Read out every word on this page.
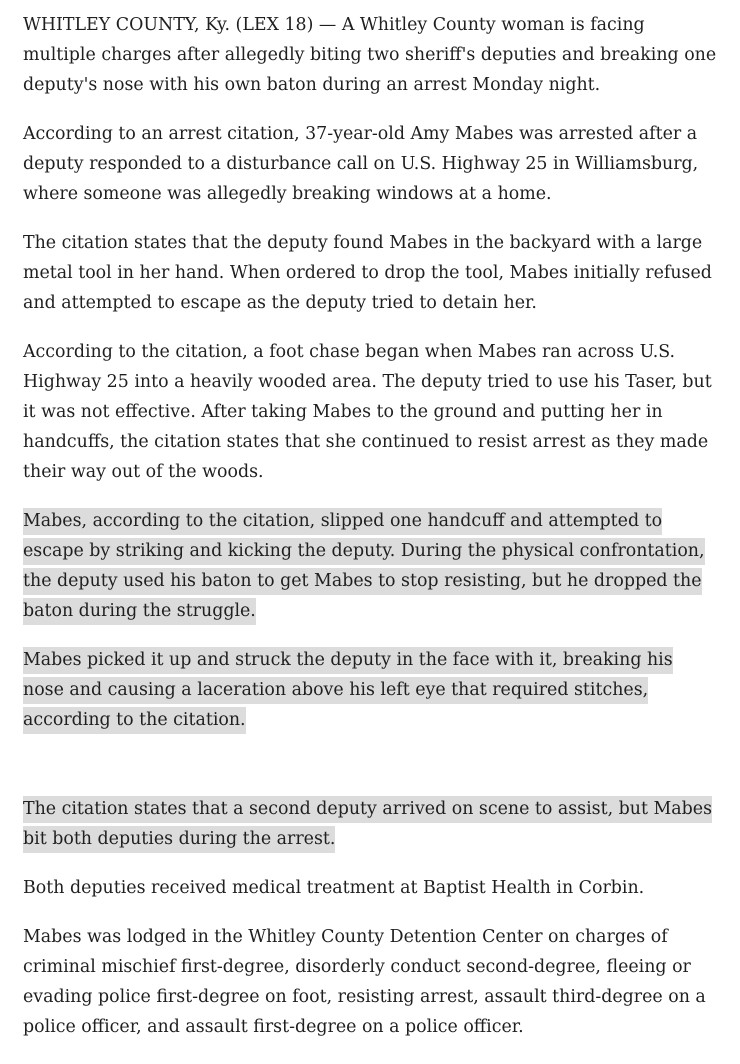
WHITLEY COUNTY, Ky. (LEX 18) — A Whitley County woman is facing multiple charges after allegedly biting two sheriff's deputies and breaking one deputy's nose with his own baton during an arrest Monday night.

According to an arrest citation, 37-year-old Amy Mabes was arrested after a deputy responded to a disturbance call on U.S. Highway 25 in Williamsburg, where someone was allegedly breaking windows at a home.

The citation states that the deputy found Mabes in the backyard with a large metal tool in her hand. When ordered to drop the tool, Mabes initially refused and attempted to escape as the deputy tried to detain her.

According to the citation, a foot chase began when Mabes ran across U.S. Highway 25 into a heavily wooded area. The deputy tried to use his Taser, but it was not effective. After taking Mabes to the ground and putting her in handcuffs, the citation states that she continued to resist arrest as they made their way out of the woods.

Mabes, according to the citation, slipped one handcuff and attempted to escape by striking and kicking the deputy. During the physical confrontation, the deputy used his baton to get Mabes to stop resisting, but he dropped the baton during the struggle.

Mabes picked it up and struck the deputy in the face with it, breaking his nose and causing a laceration above his left eye that required stitches, according to the citation.

The citation states that a second deputy arrived on scene to assist, but Mabes bit both deputies during the arrest.

Both deputies received medical treatment at Baptist Health in Corbin.

Mabes was lodged in the Whitley County Detention Center on charges of criminal mischief first-degree, disorderly conduct second-degree, fleeing or evading police first-degree on foot, resisting arrest, assault third-degree on a police officer, and assault first-degree on a police officer.
